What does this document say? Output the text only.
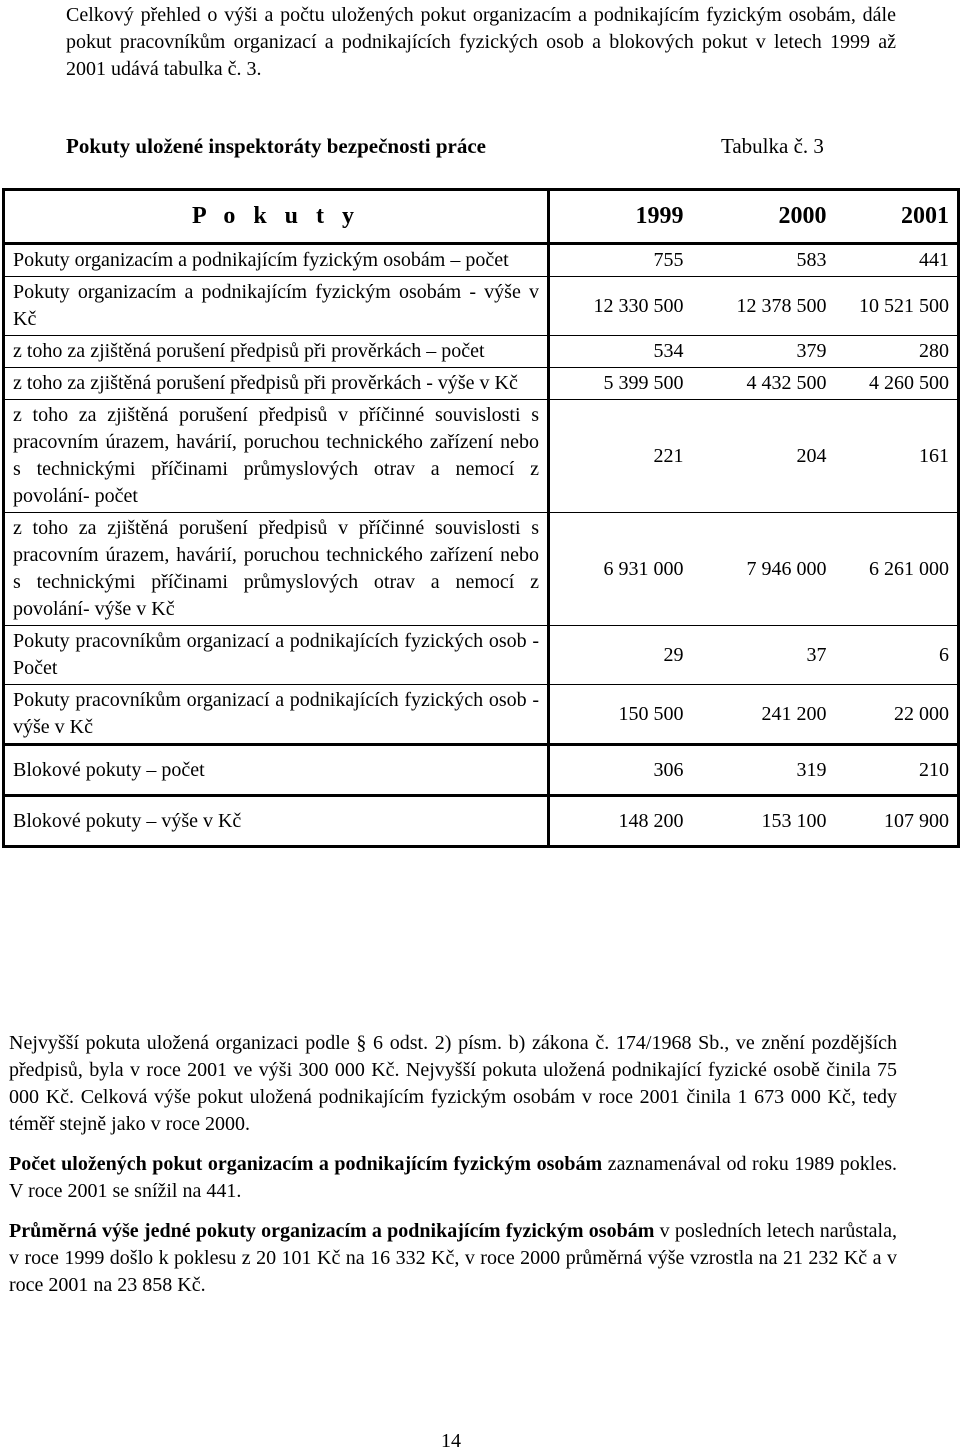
Celkový přehled o výši a počtu uložených pokut organizacím a podnikajícím fyzickým osobám, dále pokut pracovníkům organizací a podnikajících fyzických osob a blokových pokut v letech 1999 až 2001 udává tabulka č. 3.

Pokuty uložené inspektoráty bezpečnosti práce	Tabulka č. 3
P o k u t y	1999	2000	2001
Pokuty organizacím a podnikajícím fyzickým osobám – počet	755	583	441
Pokuty organizacím a podnikajícím fyzickým osobám - výše v Kč	12 330 500	12 378 500	10 521 500
z toho za zjištěná porušení předpisů při prověrkách – počet	534	379	280
z toho za zjištěná porušení předpisů při prověrkách - výše v Kč	5 399 500	4 432 500	4 260 500
z toho za zjištěná porušení předpisů v příčinné souvislosti s pracovním úrazem, havárií, poruchou technického zařízení nebo s technickými příčinami průmyslových otrav a nemocí z povolání- počet	221	204	161
z toho za zjištěná porušení předpisů v příčinné souvislosti s pracovním úrazem, havárií, poruchou technického zařízení nebo s technickými příčinami průmyslových otrav a nemocí z povolání- výše v Kč	6 931 000	7 946 000	6 261 000
Pokuty pracovníkům organizací a podnikajících fyzických osob - Počet	29	37	6
Pokuty pracovníkům organizací a podnikajících fyzických osob - výše v Kč	150 500	241 200	22 000
Blokové pokuty – počet	306	319	210
Blokové pokuty – výše v Kč	148 200	153 100	107 900

Nejvyšší pokuta uložená organizaci podle § 6 odst. 2) písm. b) zákona č. 174/1968 Sb., ve znění pozdějších předpisů, byla v roce 2001 ve výši 300 000 Kč. Nejvyšší pokuta uložená podnikající fyzické osobě činila 75 000 Kč. Celková výše pokut uložená podnikajícím fyzickým osobám v roce 2001 činila 1 673 000 Kč, tedy téměř stejně jako v roce 2000.

Počet uložených pokut organizacím a podnikajícím fyzickým osobám zaznamenával od roku 1989 pokles. V roce 2001 se snížil na 441.

Průměrná výše jedné pokuty organizacím a podnikajícím fyzickým osobám v posledních letech narůstala, v roce 1999 došlo k poklesu z 20 101 Kč na 16 332 Kč, v roce 2000 průměrná výše vzrostla na 21 232 Kč a v roce 2001 na 23 858 Kč.

14
